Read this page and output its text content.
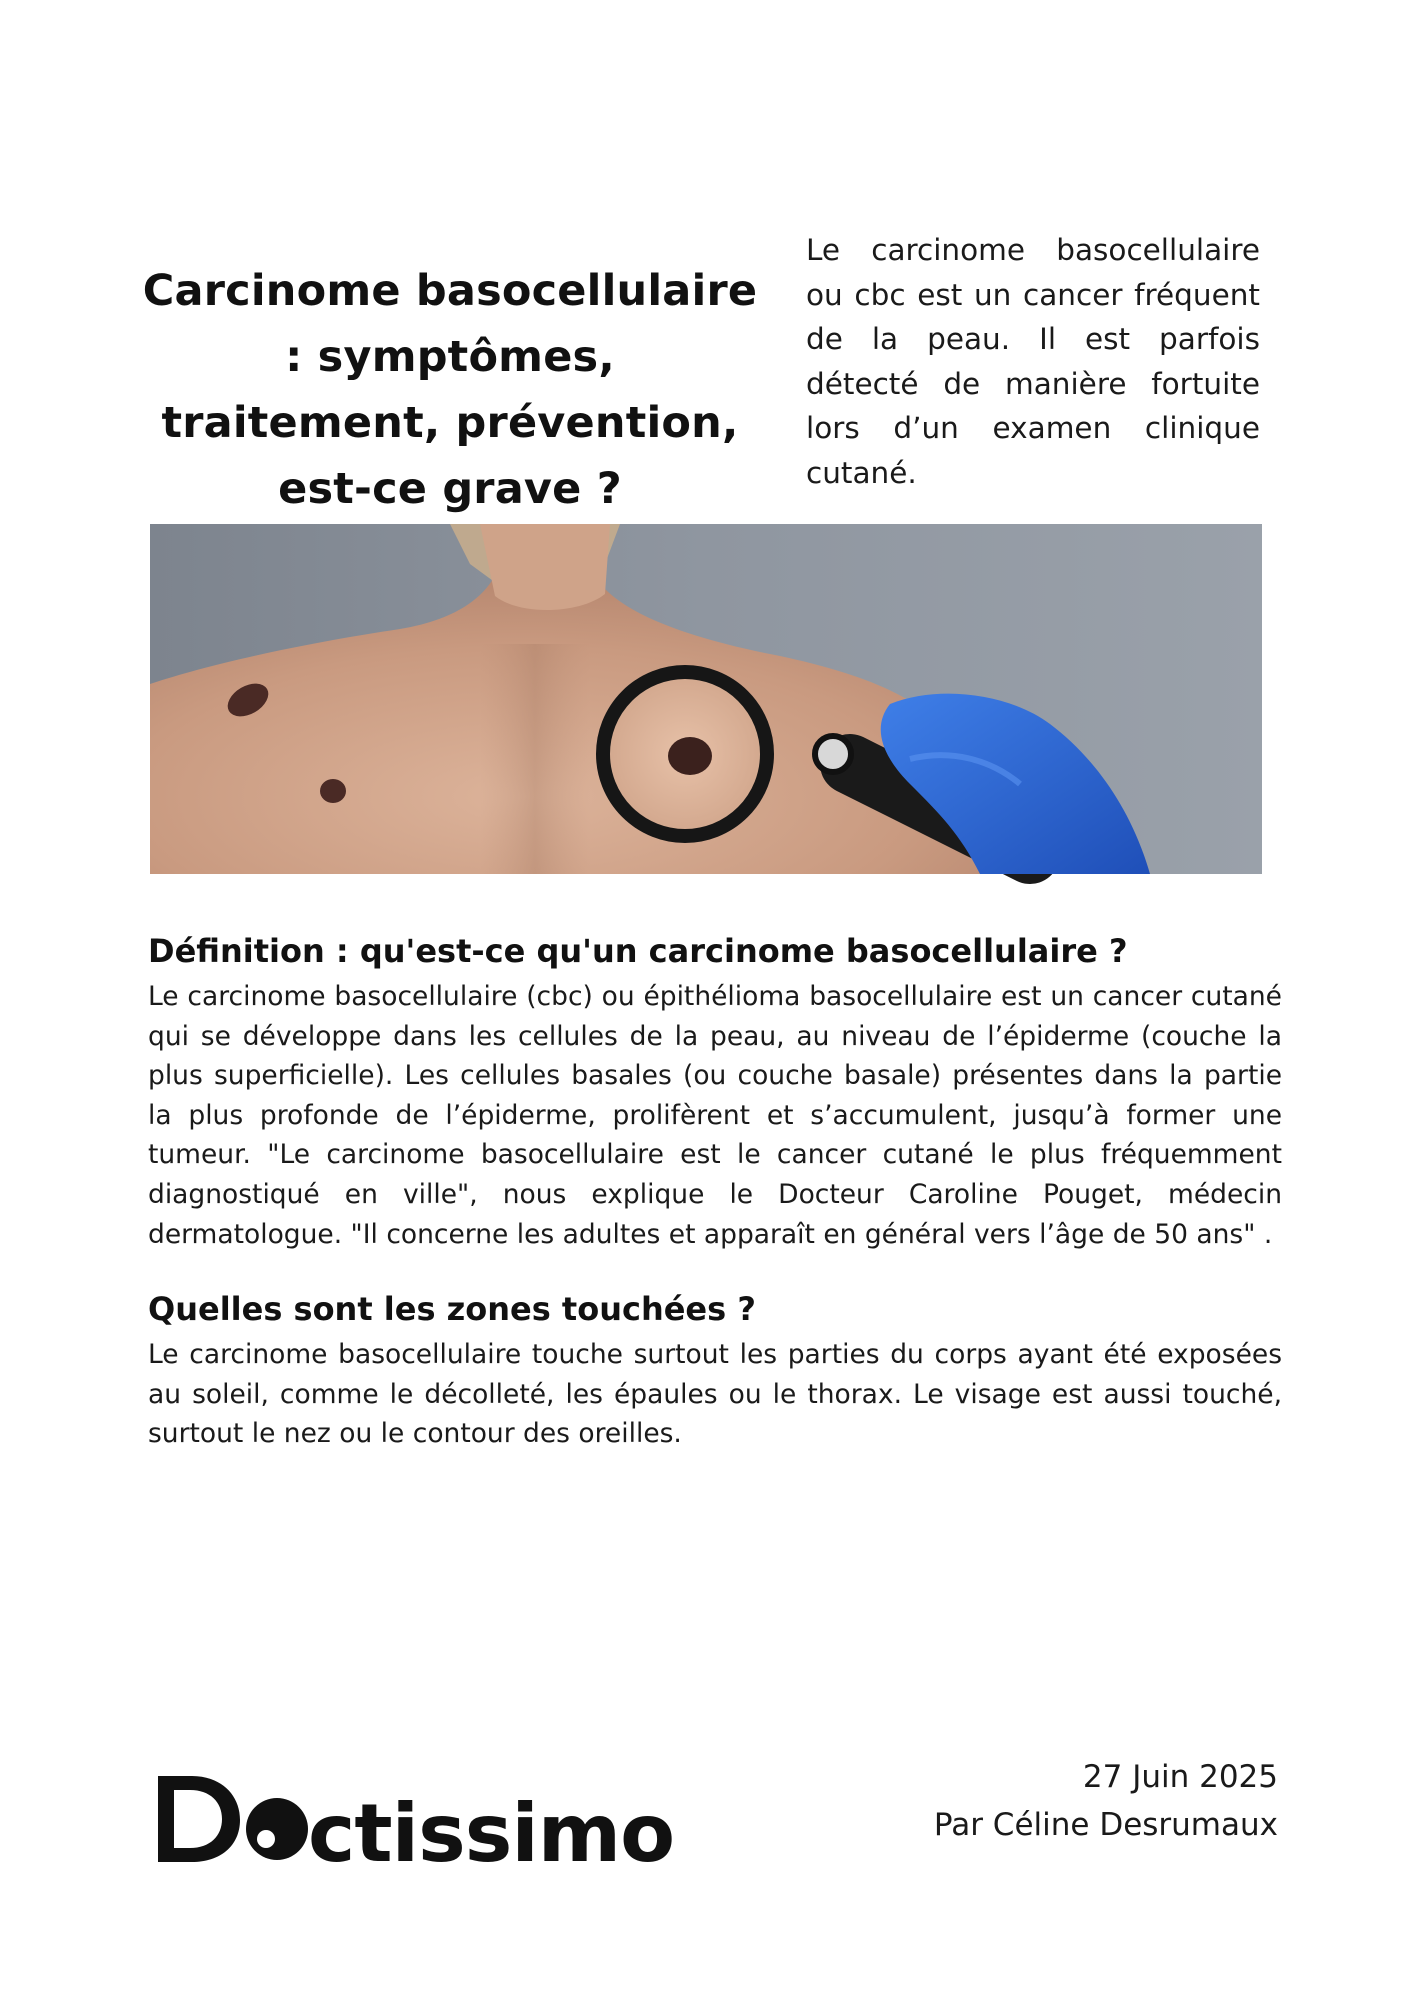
Carcinome basocellulaire : symptômes, traitement, prévention, est-ce grave ?

Le carcinome basocellulaire ou cbc est un cancer fréquent de la peau. Il est parfois détecté de manière fortuite lors d’un examen clinique cutané.

Définition : qu'est-ce qu'un carcinome basocellulaire ?

Le carcinome basocellulaire (cbc) ou épithélioma basocellulaire est un cancer cutané qui se développe dans les cellules de la peau, au niveau de l’épiderme (couche la plus superficielle). Les cellules basales (ou couche basale) présentes dans la partie la plus profonde de l’épiderme, prolifèrent et s’accumulent, jusqu’à former une tumeur. "Le carcinome basocellulaire est le cancer cutané le plus fréquemment diagnostiqué en ville", nous explique le Docteur Caroline Pouget, médecin dermatologue. "Il concerne les adultes et apparaît en général vers l’âge de 50 ans" .

Quelles sont les zones touchées ?

Le carcinome basocellulaire touche surtout les parties du corps ayant été exposées au soleil, comme le décolleté, les épaules ou le thorax. Le visage est aussi touché, surtout le nez ou le contour des oreilles.

ctissimo
27 Juin 2025
Par Céline Desrumaux
